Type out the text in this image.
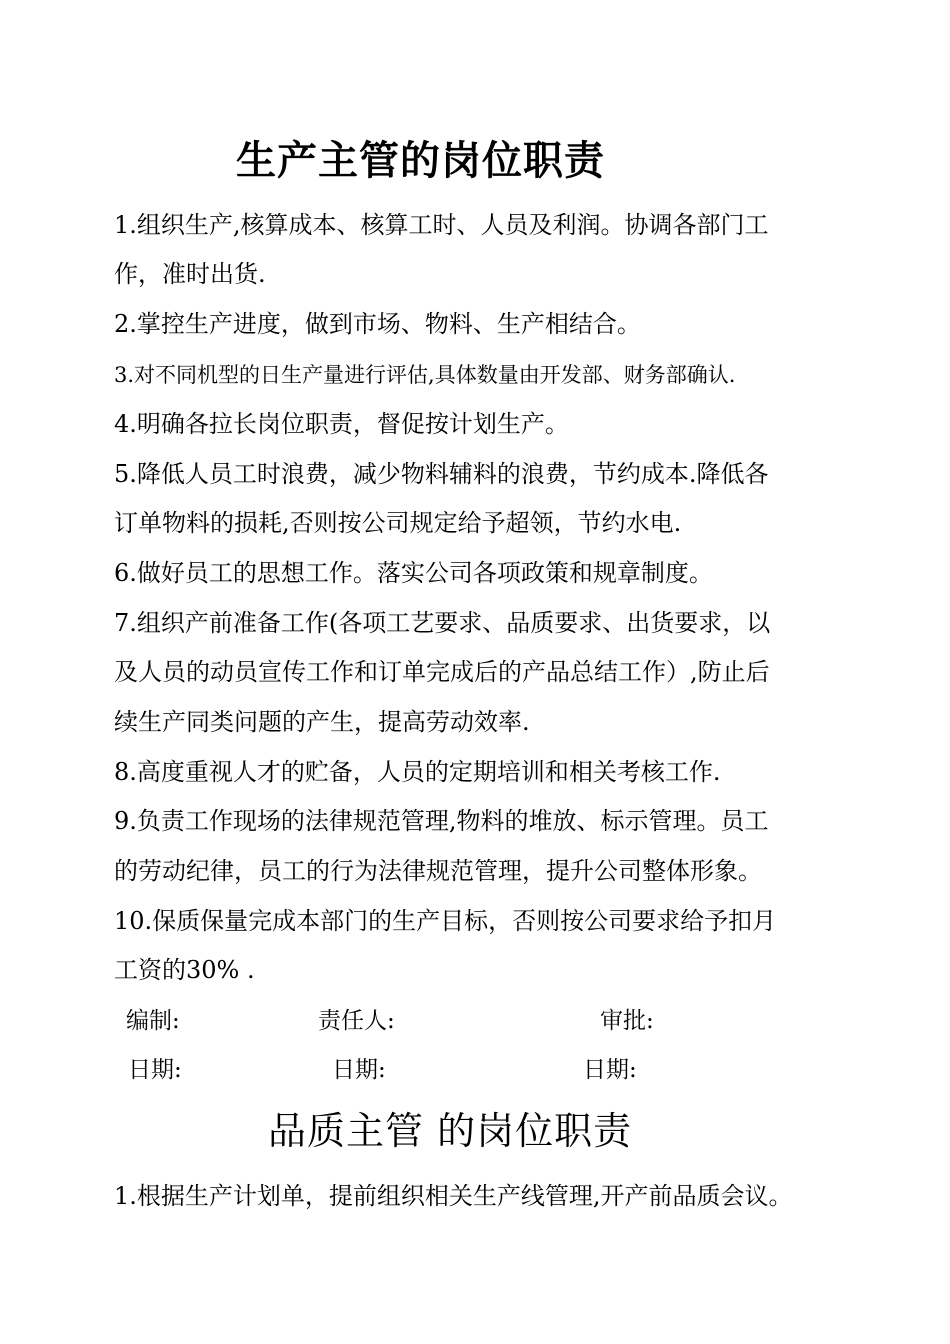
生产主管的岗位职责
1.组织生产,核算成本、核算工时、人员及利润。协调各部门工
作，准时出货.
2.掌控生产进度，做到市场、物料、生产相结合。
3.对不同机型的日生产量进行评估,具体数量由开发部、财务部确认.
4.明确各拉长岗位职责，督促按计划生产。
5.降低人员工时浪费，减少物料辅料的浪费，节约成本.降低各
订单物料的损耗,否则按公司规定给予超领，节约水电.
6.做好员工的思想工作。落实公司各项政策和规章制度。
7.组织产前准备工作(各项工艺要求、品质要求、出货要求，以
及人员的动员宣传工作和订单完成后的产品总结工作）,防止后
续生产同类问题的产生，提高劳动效率.
8.高度重视人才的贮备，人员的定期培训和相关考核工作.
9.负责工作现场的法律规范管理,物料的堆放、标示管理。员工
的劳动纪律，员工的行为法律规范管理，提升公司整体形象。
10.保质保量完成本部门的生产目标，否则按公司要求给予扣月
工资的30% .
编制:	责任人:	审批:
日期:	日期:	日期:
品质主管 的岗位职责
1.根据生产计划单，提前组织相关生产线管理,开产前品质会议。
